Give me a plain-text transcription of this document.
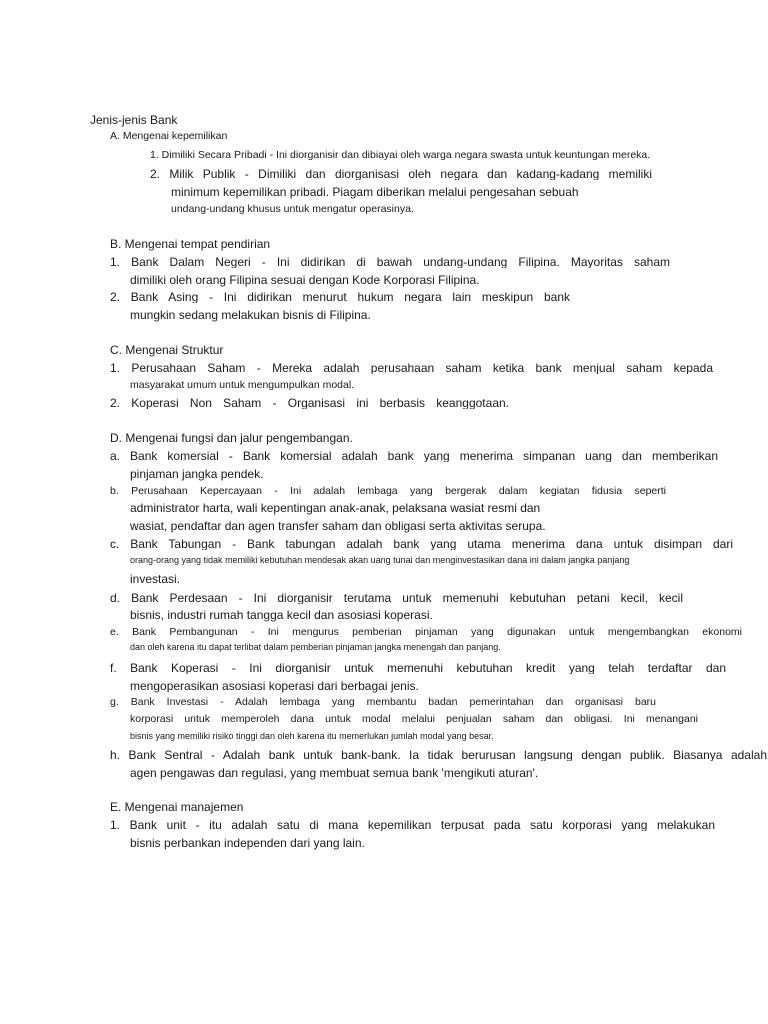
Jenis-jenis Bank
A. Mengenai kepemilikan
1. Dimiliki Secara Pribadi - Ini diorganisir dan dibiayai oleh warga negara swasta untuk keuntungan mereka.
2. Milik Publik - Dimiliki dan diorganisasi oleh negara dan kadang-kadang memiliki
minimum kepemilikan pribadi. Piagam diberikan melalui pengesahan sebuah
undang-undang khusus untuk mengatur operasinya.
B. Mengenai tempat pendirian
1. Bank Dalam Negeri - Ini didirikan di bawah undang-undang Filipina. Mayoritas saham
dimiliki oleh orang Filipina sesuai dengan Kode Korporasi Filipina.
2. Bank Asing - Ini didirikan menurut hukum negara lain meskipun bank
mungkin sedang melakukan bisnis di Filipina.
C. Mengenai Struktur
1. Perusahaan Saham - Mereka adalah perusahaan saham ketika bank menjual saham kepada
masyarakat umum untuk mengumpulkan modal.
2. Koperasi Non Saham - Organisasi ini berbasis keanggotaan.
D. Mengenai fungsi dan jalur pengembangan.
a. Bank komersial - Bank komersial adalah bank yang menerima simpanan uang dan memberikan
pinjaman jangka pendek.
b. Perusahaan Kepercayaan - Ini adalah lembaga yang bergerak dalam kegiatan fidusia seperti
administrator harta, wali kepentingan anak-anak, pelaksana wasiat resmi dan
wasiat, pendaftar dan agen transfer saham dan obligasi serta aktivitas serupa.
c. Bank Tabungan - Bank tabungan adalah bank yang utama menerima dana untuk disimpan dari
orang-orang yang tidak memiliki kebutuhan mendesak akan uang tunai dan menginvestasikan dana ini dalam jangka panjang
investasi.
d. Bank Perdesaan - Ini diorganisir terutama untuk memenuhi kebutuhan petani kecil, kecil
bisnis, industri rumah tangga kecil dan asosiasi koperasi.
e. Bank Pembangunan - Ini mengurus pemberian pinjaman yang digunakan untuk mengembangkan ekonomi
dan oleh karena itu dapat terlibat dalam pemberian pinjaman jangka menengah dan panjang.
f. Bank Koperasi - Ini diorganisir untuk memenuhi kebutuhan kredit yang telah terdaftar dan
mengoperasikan asosiasi koperasi dari berbagai jenis.
g. Bank Investasi - Adalah lembaga yang membantu badan pemerintahan dan organisasi baru
korporasi untuk memperoleh dana untuk modal melalui penjualan saham dan obligasi. Ini menangani
bisnis yang memiliki risiko tinggi dan oleh karena itu memerlukan jumlah modal yang besar.
h. Bank Sentral - Adalah bank untuk bank-bank. Ia tidak berurusan langsung dengan publik. Biasanya adalah
agen pengawas dan regulasi, yang membuat semua bank 'mengikuti aturan'.
E. Mengenai manajemen
1. Bank unit - itu adalah satu di mana kepemilikan terpusat pada satu korporasi yang melakukan
bisnis perbankan independen dari yang lain.
